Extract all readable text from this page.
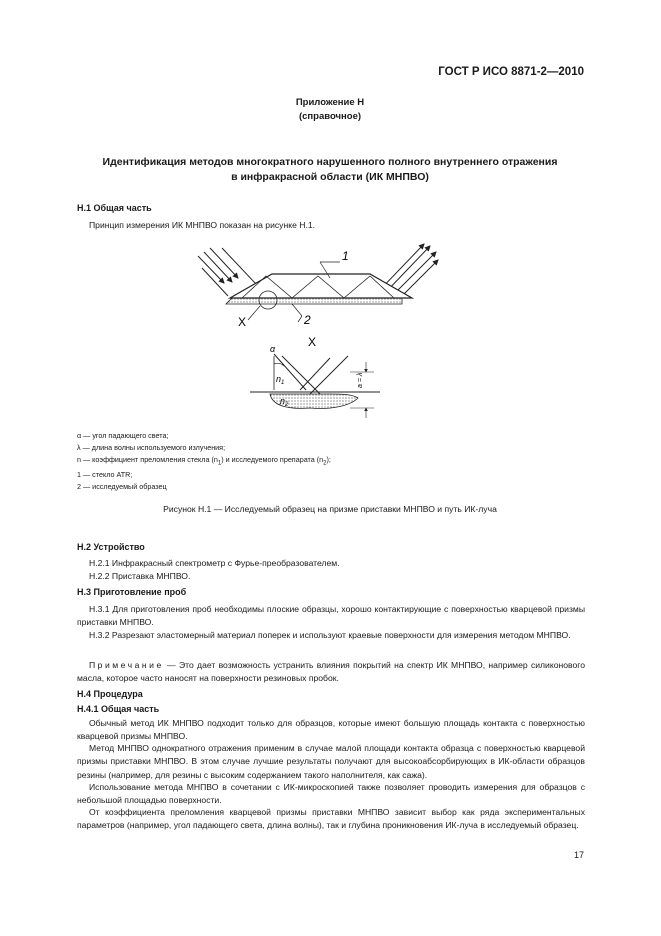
ГОСТ Р ИСО 8871-2—2010
Приложение Н
(справочное)
Идентификация методов многократного нарушенного полного внутреннего отражения
в инфракрасной области (ИК МНПВО)
Н.1 Общая часть
Принцип измерения ИК МНПВО показан на рисунке Н.1.
1
2
X
X
α
$n_1$
$n_2$
a = λ
α — угол падающего света;
λ — длина волны используемого излучения;
n — коэффициент преломления стекла $(n_1)$ и исследуемого препарата $(n_2)$;
1 — стекло АТR;
2 — исследуемый образец
Рисунок Н.1 — Исследуемый образец на призме приставки МНПВО и путь ИК-луча
Н.2 Устройство
Н.2.1 Инфракрасный спектрометр с Фурье-преобразователем.
Н.2.2 Приставка МНПВО.
Н.3 Приготовление проб
Н.3.1 Для приготовления проб необходимы плоские образцы, хорошо контактирующие с поверхностью кварцевой призмы приставки МНПВО.
Н.3.2 Разрезают эластомерный материал поперек и используют краевые поверхности для измерения методом МНПВО.
Примечание — Это дает возможность устранить влияния покрытий на спектр ИК МНПВО, например силиконового масла, которое часто наносят на поверхности резиновых пробок.
Н.4 Процедура
Н.4.1 Общая часть
Обычный метод ИК МНПВО подходит только для образцов, которые имеют большую площадь контакта с поверхностью кварцевой призмы МНПВО.
Метод МНПВО однократного отражения применим в случае малой площади контакта образца с поверхностью кварцевой призмы приставки МНПВО. В этом случае лучшие результаты получают для высокоабсорбирующих в ИК-области образцов резины (например, для резины с высоким содержанием такого наполнителя, как сажа).
Использование метода МНПВО в сочетании с ИК-микроскопией также позволяет проводить измерения для образцов с небольшой площадью поверхности.
От коэффициента преломления кварцевой призмы приставки МНПВО зависит выбор как ряда экспериментальных параметров (например, угол падающего света, длина волны), так и глубина проникновения ИК-луча в исследуемый образец.
17
